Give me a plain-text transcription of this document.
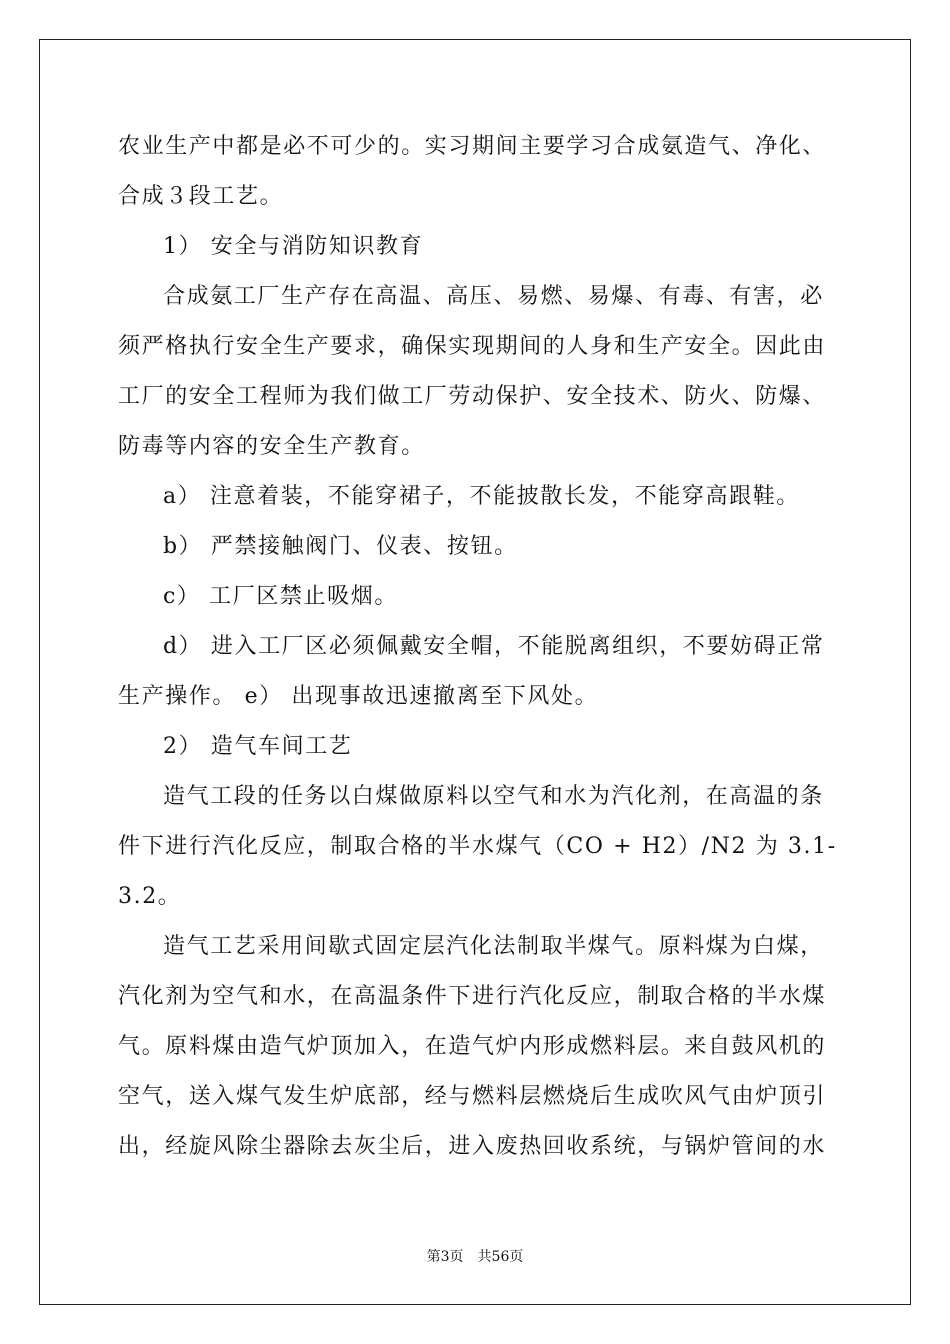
农业生产中都是必不可少的。实习期间主要学习合成氨造气、净化、
合成３段工艺。
1） 安全与消防知识教育
合成氨工厂生产存在高温、高压、易燃、易爆、有毒、有害，必
须严格执行安全生产要求，确保实现期间的人身和生产安全。因此由
工厂的安全工程师为我们做工厂劳动保护、安全技术、防火、防爆、
防毒等内容的安全生产教育。
a） 注意着装，不能穿裙子，不能披散长发，不能穿高跟鞋。
b） 严禁接触阀门、仪表、按钮。
c） 工厂区禁止吸烟。
d） 进入工厂区必须佩戴安全帽，不能脱离组织，不要妨碍正常
生产操作。 e） 出现事故迅速撤离至下风处。
2） 造气车间工艺
造气工段的任务以白煤做原料以空气和水为汽化剂，在高温的条
件下进行汽化反应，制取合格的半水煤气（CO + H2）/N2 为 3.1-
3.2。
造气工艺采用间歇式固定层汽化法制取半煤气。原料煤为白煤，
汽化剂为空气和水，在高温条件下进行汽化反应，制取合格的半水煤
气。原料煤由造气炉顶加入，在造气炉内形成燃料层。来自鼓风机的
空气，送入煤气发生炉底部，经与燃料层燃烧后生成吹风气由炉顶引
出，经旋风除尘器除去灰尘后，进入废热回收系统，与锅炉管间的水
第3页　共56页
